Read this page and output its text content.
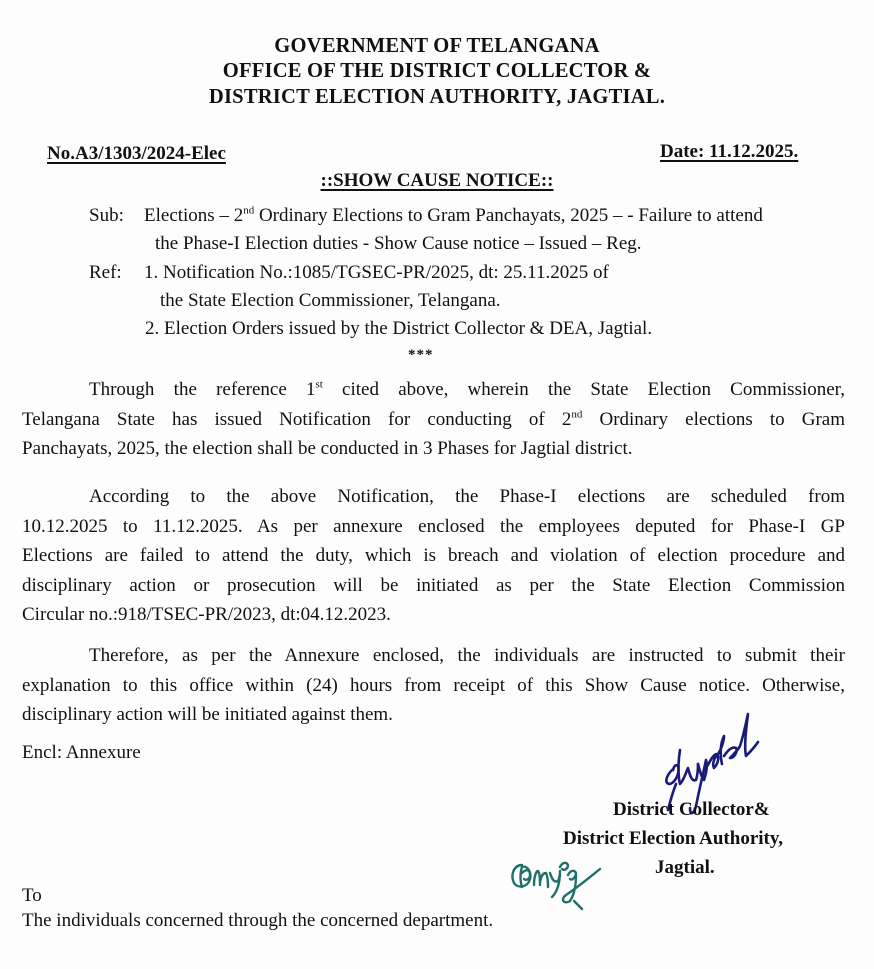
GOVERNMENT OF TELANGANA
OFFICE OF THE DISTRICT COLLECTOR &
DISTRICT ELECTION AUTHORITY, JAGTIAL.
No.A3/1303/2024-Elec	Date: 11.12.2025.
::SHOW CAUSE NOTICE::
Sub: Elections – 2nd Ordinary Elections to Gram Panchayats, 2025 – - Failure to attend
the Phase-I Election duties - Show Cause notice – Issued – Reg.
Ref: 1. Notification No.:1085/TGSEC-PR/2025, dt: 25.11.2025 of
the State Election Commissioner, Telangana.
2. Election Orders issued by the District Collector & DEA, Jagtial.
***
Through the reference 1st cited above, wherein the State Election Commissioner,
Telangana State has issued Notification for conducting of 2nd Ordinary elections to Gram
Panchayats, 2025, the election shall be conducted in 3 Phases for Jagtial district.
According to the above Notification, the Phase-I elections are scheduled from
10.12.2025 to 11.12.2025. As per annexure enclosed the employees deputed for Phase-I GP
Elections are failed to attend the duty, which is breach and violation of election procedure and
disciplinary action or prosecution will be initiated as per the State Election Commission
Circular no.:918/TSEC-PR/2023, dt:04.12.2023.
Therefore, as per the Annexure enclosed, the individuals are instructed to submit their
explanation to this office within (24) hours from receipt of this Show Cause notice. Otherwise,
disciplinary action will be initiated against them.
Encl: Annexure
District Collector&
District Election Authority,
Jagtial.
To
The individuals concerned through the concerned department.
